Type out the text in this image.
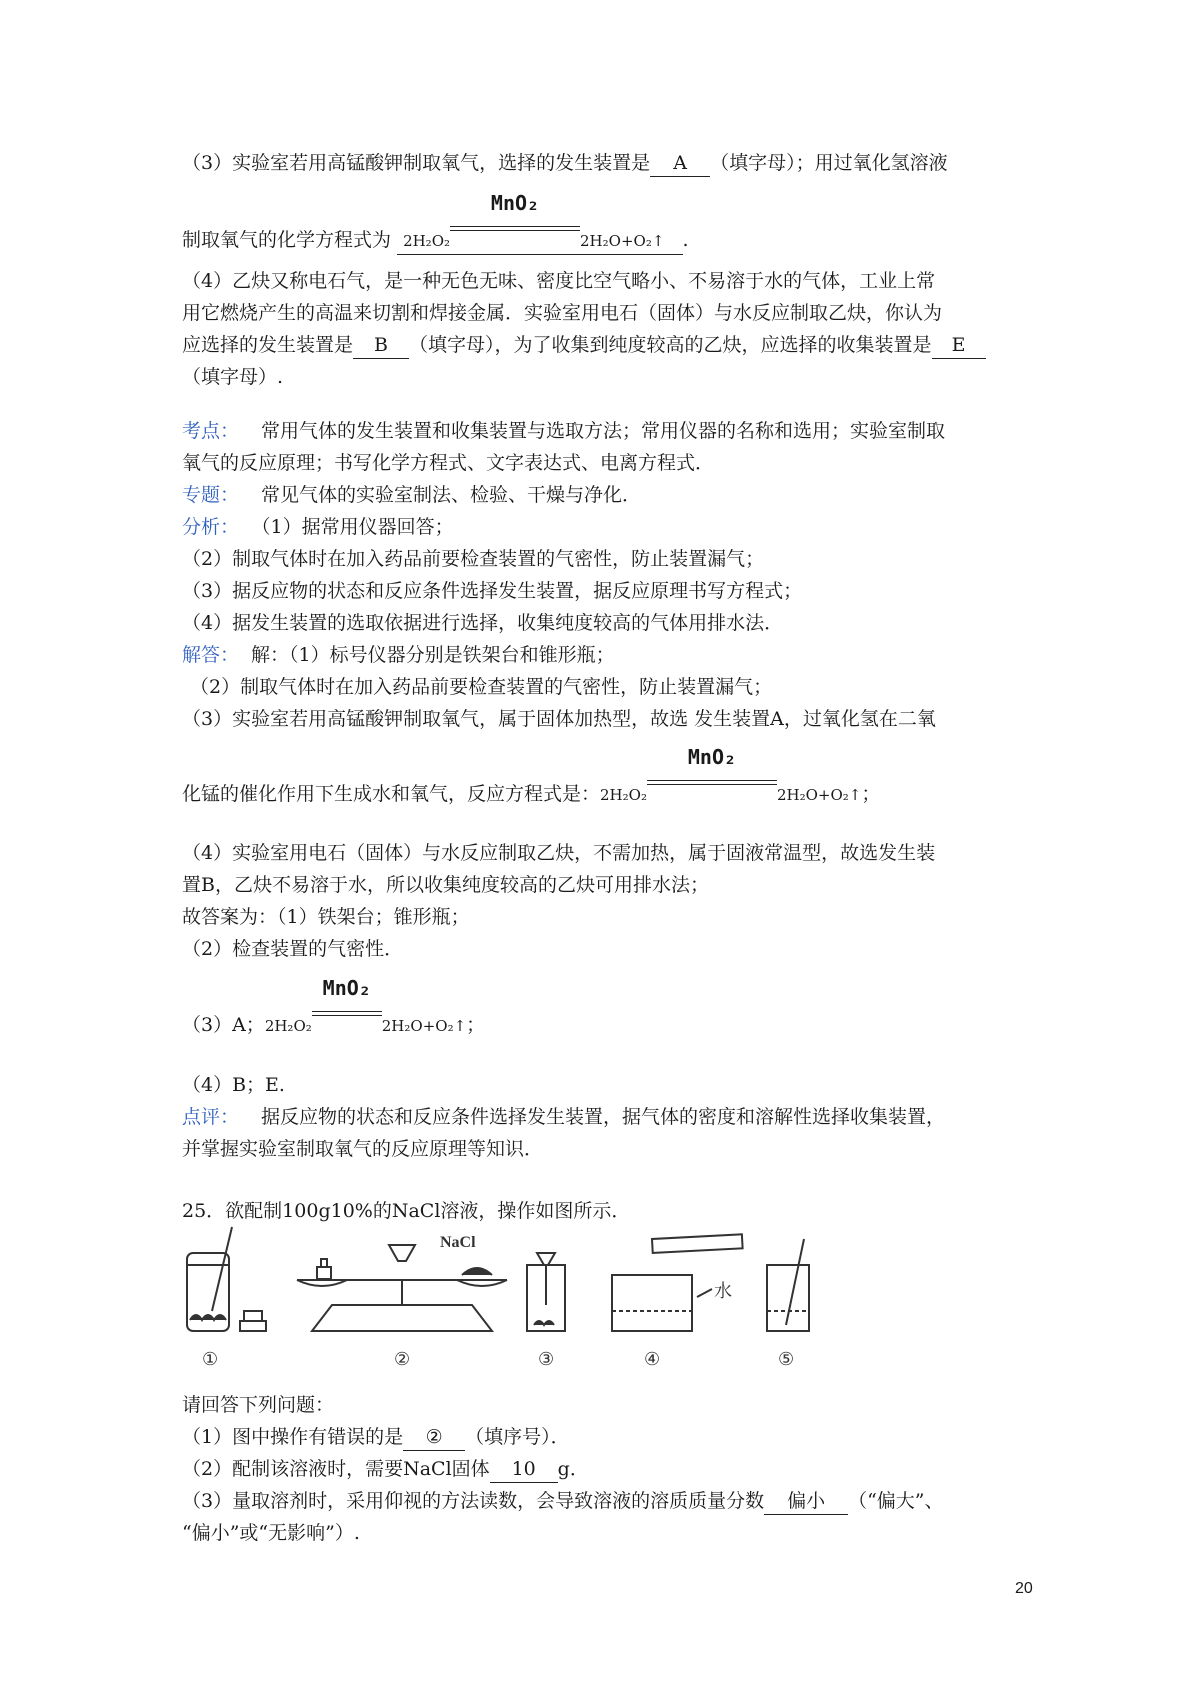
（3）实验室若用高锰酸钾制取氧气，选择的发生装置是 A （填字母）；用过氧化氢溶液
制取氧气的化学方程式为 2H₂O₂
MnO₂
2H₂O+O₂↑ .
（4）乙炔又称电石气，是一种无色无味、密度比空气略小、不易溶于水的气体，工业上常
用它燃烧产生的高温来切割和焊接金属．实验室用电石（固体）与水反应制取乙炔，你认为
应选择的发生装置是 B （填字母），为了收集到纯度较高的乙炔，应选择的收集装置是 E
（填字母）.
考点： 常用气体的发生装置和收集装置与选取方法；常用仪器的名称和选用；实验室制取
氧气的反应原理；书写化学方程式、文字表达式、电离方程式．
专题： 常见气体的实验室制法、检验、干燥与净化．
分析： （1）据常用仪器回答；
（2）制取气体时在加入药品前要检查装置的气密性，防止装置漏气；
（3）据反应物的状态和反应条件选择发生装置，据反应原理书写方程式；
（4）据发生装置的选取依据进行选择，收集纯度较高的气体用排水法．
解答： 解：（1）标号仪器分别是铁架台和锥形瓶；
（2）制取气体时在加入药品前要检查装置的气密性，防止装置漏气；
（3）实验室若用高锰酸钾制取氧气，属于固体加热型，故选 发生装置A，过氧化氢在二氧
化锰的催化作用下生成水和氧气，反应方程式是：2H₂O₂
MnO₂
2H₂O+O₂↑；
（4）实验室用电石（固体）与水反应制取乙炔，不需加热，属于固液常温型，故选发生装
置B，乙炔不易溶于水，所以收集纯度较高的乙炔可用排水法；
故答案为：（1）铁架台；锥形瓶；
（2）检查装置的气密性．
（3）A；2H₂O₂
MnO₂
2H₂O+O₂↑；
（4）B；E.
点评： 据反应物的状态和反应条件选择发生装置，据气体的密度和溶解性选择收集装置，
并掌握实验室制取氧气的反应原理等知识．
25．欲配制100g10%的NaCl溶液，操作如图所示．
NaCl
水
①	②	③	④	⑤
请回答下列问题：
（1）图中操作有错误的是 ② （填序号）．
（2）配制该溶液时，需要NaCl固体 10 g．
（3）量取溶剂时，采用仰视的方法读数，会导致溶液的溶质质量分数 偏小 （“偏大”、
“偏小”或“无影响”）.
20
